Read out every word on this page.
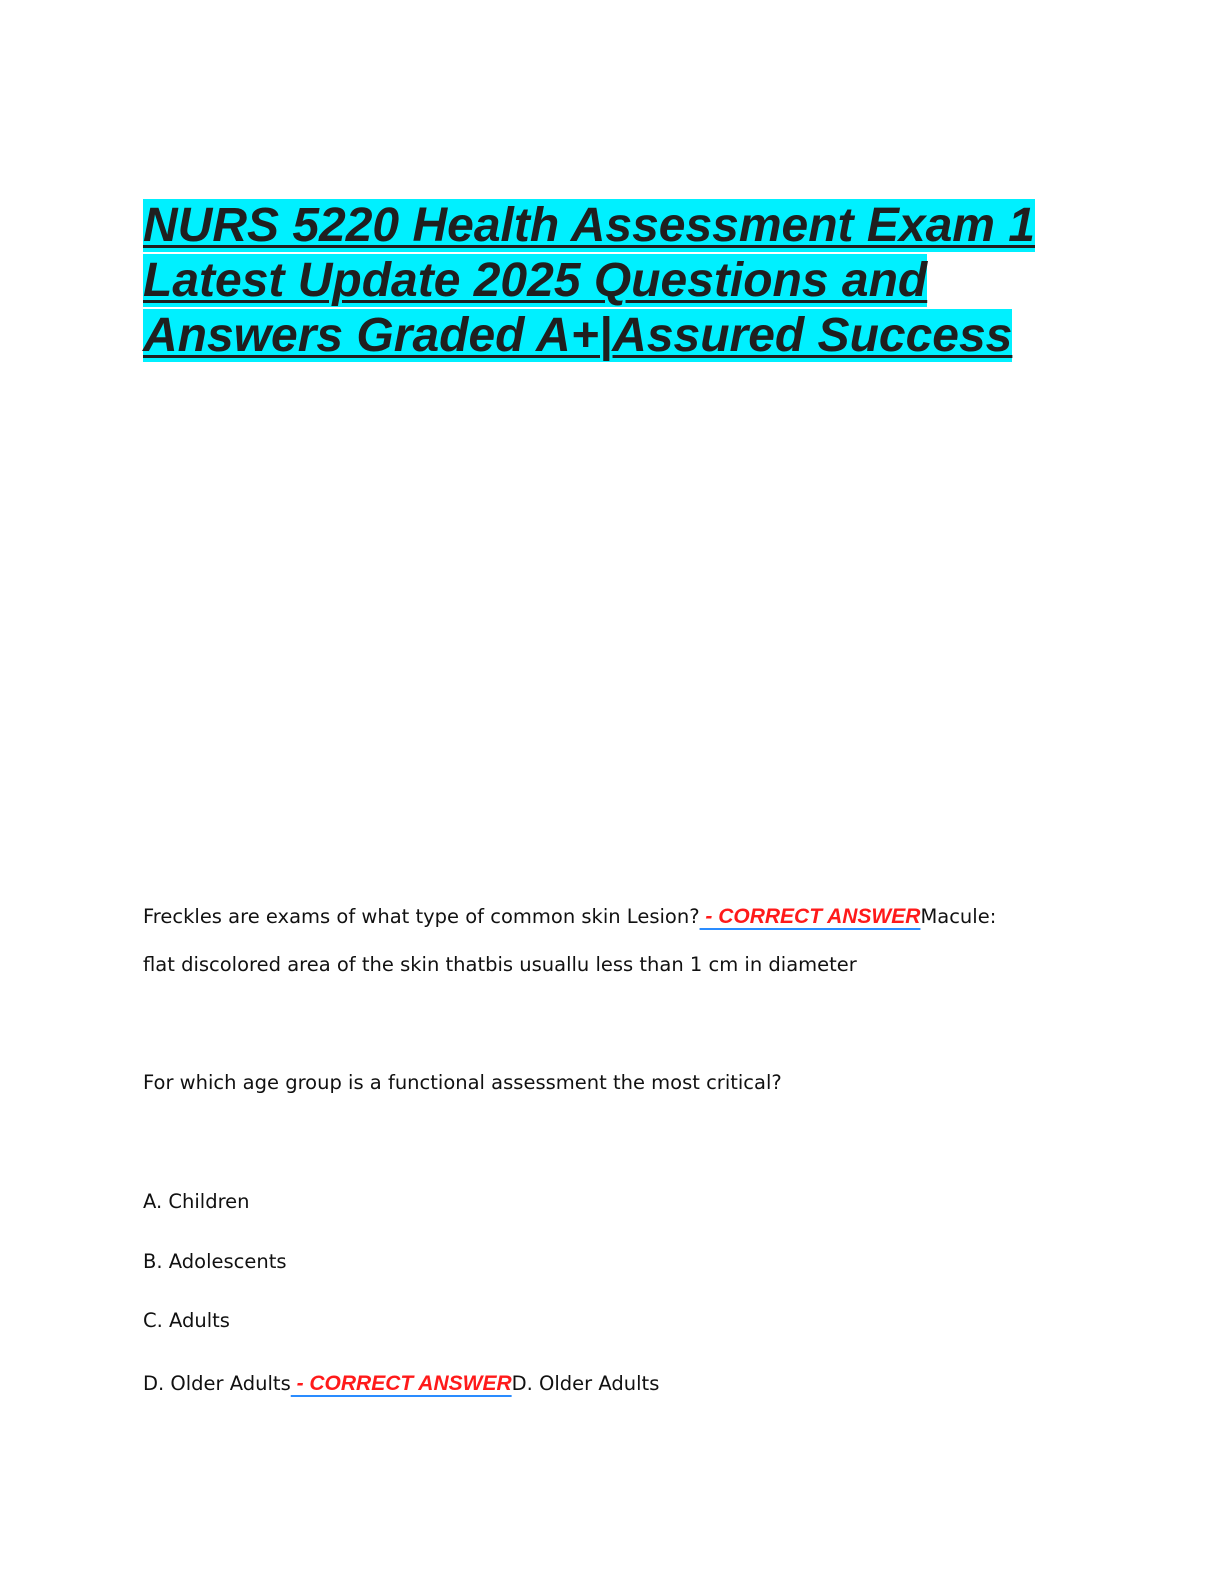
NURS 5220 Health Assessment Exam 1
Latest Update 2025 Questions and
Answers Graded A+|Assured Success
Freckles are exams of what type of common skin Lesion? - CORRECT ANSWERMacule:
flat discolored area of the skin thatbis usuallu less than 1 cm in diameter
For which age group is a functional assessment the most critical?
A. Children
B. Adolescents
C. Adults
D. Older Adults - CORRECT ANSWERD. Older Adults
